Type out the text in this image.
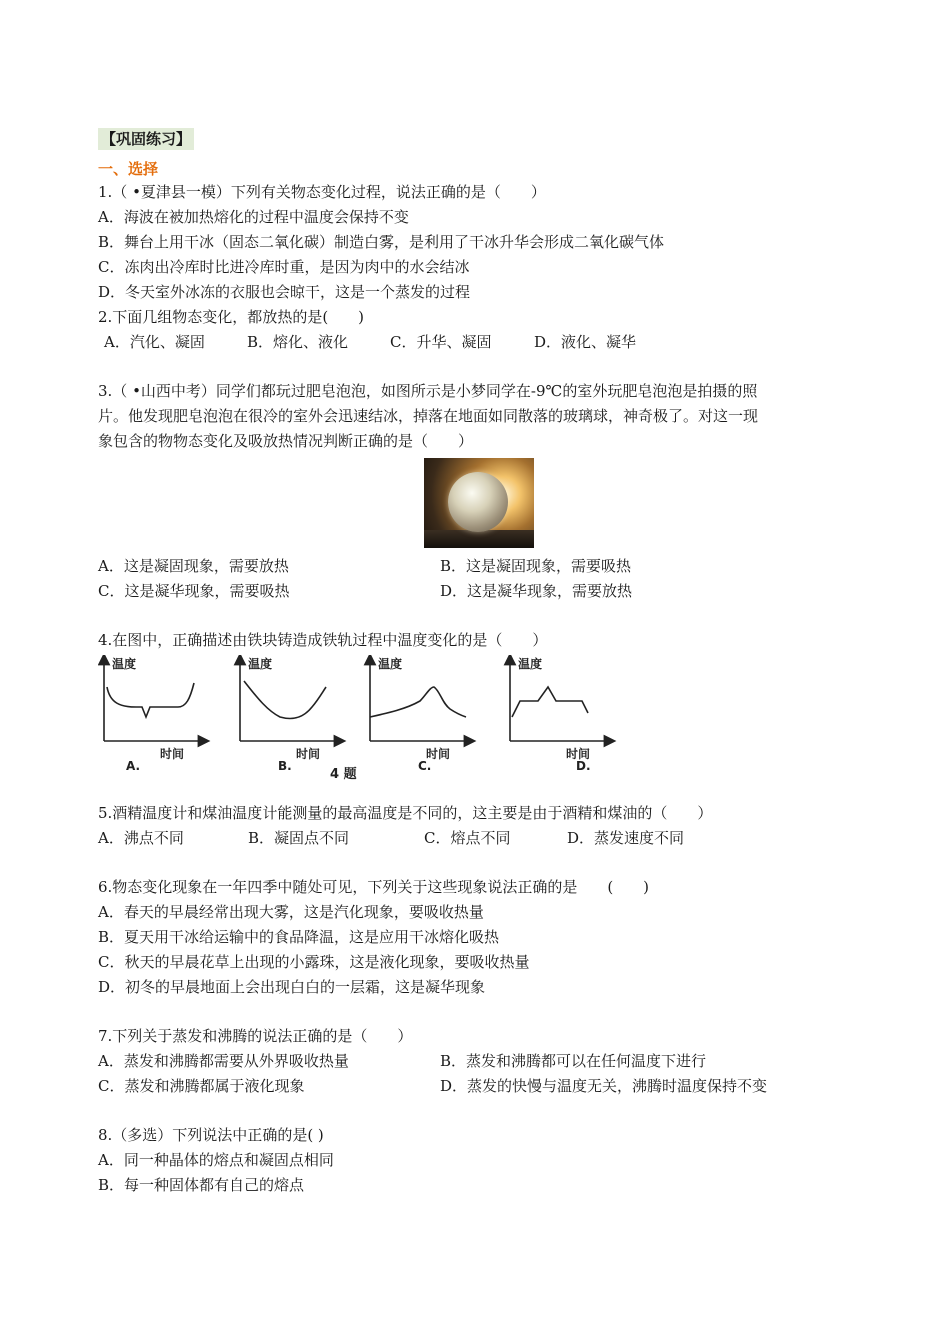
【巩固练习】
一、选择
1.（ •夏津县一模）下列有关物态变化过程，说法正确的是（　　）
A．海波在被加热熔化的过程中温度会保持不变
B．舞台上用干冰（固态二氧化碳）制造白雾，是利用了干冰升华会形成二氧化碳气体
C．冻肉出冷库时比进冷库时重，是因为肉中的水会结冰
D．冬天室外冰冻的衣服也会晾干，这是一个蒸发的过程
2.下面几组物态变化，都放热的是(　　)
A．汽化、凝固	B．熔化、液化	C．升华、凝固	D．液化、凝华
3.（ •山西中考）同学们都玩过肥皂泡泡，如图所示是小梦同学在-9℃的室外玩肥皂泡泡是拍摄的照
片。他发现肥皂泡泡在很冷的室外会迅速结冰，掉落在地面如同散落的玻璃球，神奇极了。对这一现
象包含的物物态变化及吸放热情况判断正确的是（　　）
A．这是凝固现象，需要放热	B．这是凝固现象，需要吸热
C．这是凝华现象，需要吸热	D．这是凝华现象，需要放热
4.在图中，正确描述由铁块铸造成铁轨过程中温度变化的是（　　）
温度	温度	温度	温度
时间	时间	时间	时间
A.	B.	C.	D.
4 题
5.酒精温度计和煤油温度计能测量的最高温度是不同的，这主要是由于酒精和煤油的（　　）
A．沸点不同	B．凝固点不同	C．熔点不同	D．蒸发速度不同
6.物态变化现象在一年四季中随处可见，下列关于这些现象说法正确的是　　(　　)
A．春天的早晨经常出现大雾，这是汽化现象，要吸收热量
B．夏天用干冰给运输中的食品降温，这是应用干冰熔化吸热
C．秋天的早晨花草上出现的小露珠，这是液化现象，要吸收热量
D．初冬的早晨地面上会出现白白的一层霜，这是凝华现象
7.下列关于蒸发和沸腾的说法正确的是（　　）
A．蒸发和沸腾都需要从外界吸收热量	B．蒸发和沸腾都可以在任何温度下进行
C．蒸发和沸腾都属于液化现象	D．蒸发的快慢与温度无关，沸腾时温度保持不变
8.（多选）下列说法中正确的是( )
A．同一种晶体的熔点和凝固点相同
B．每一种固体都有自己的熔点
